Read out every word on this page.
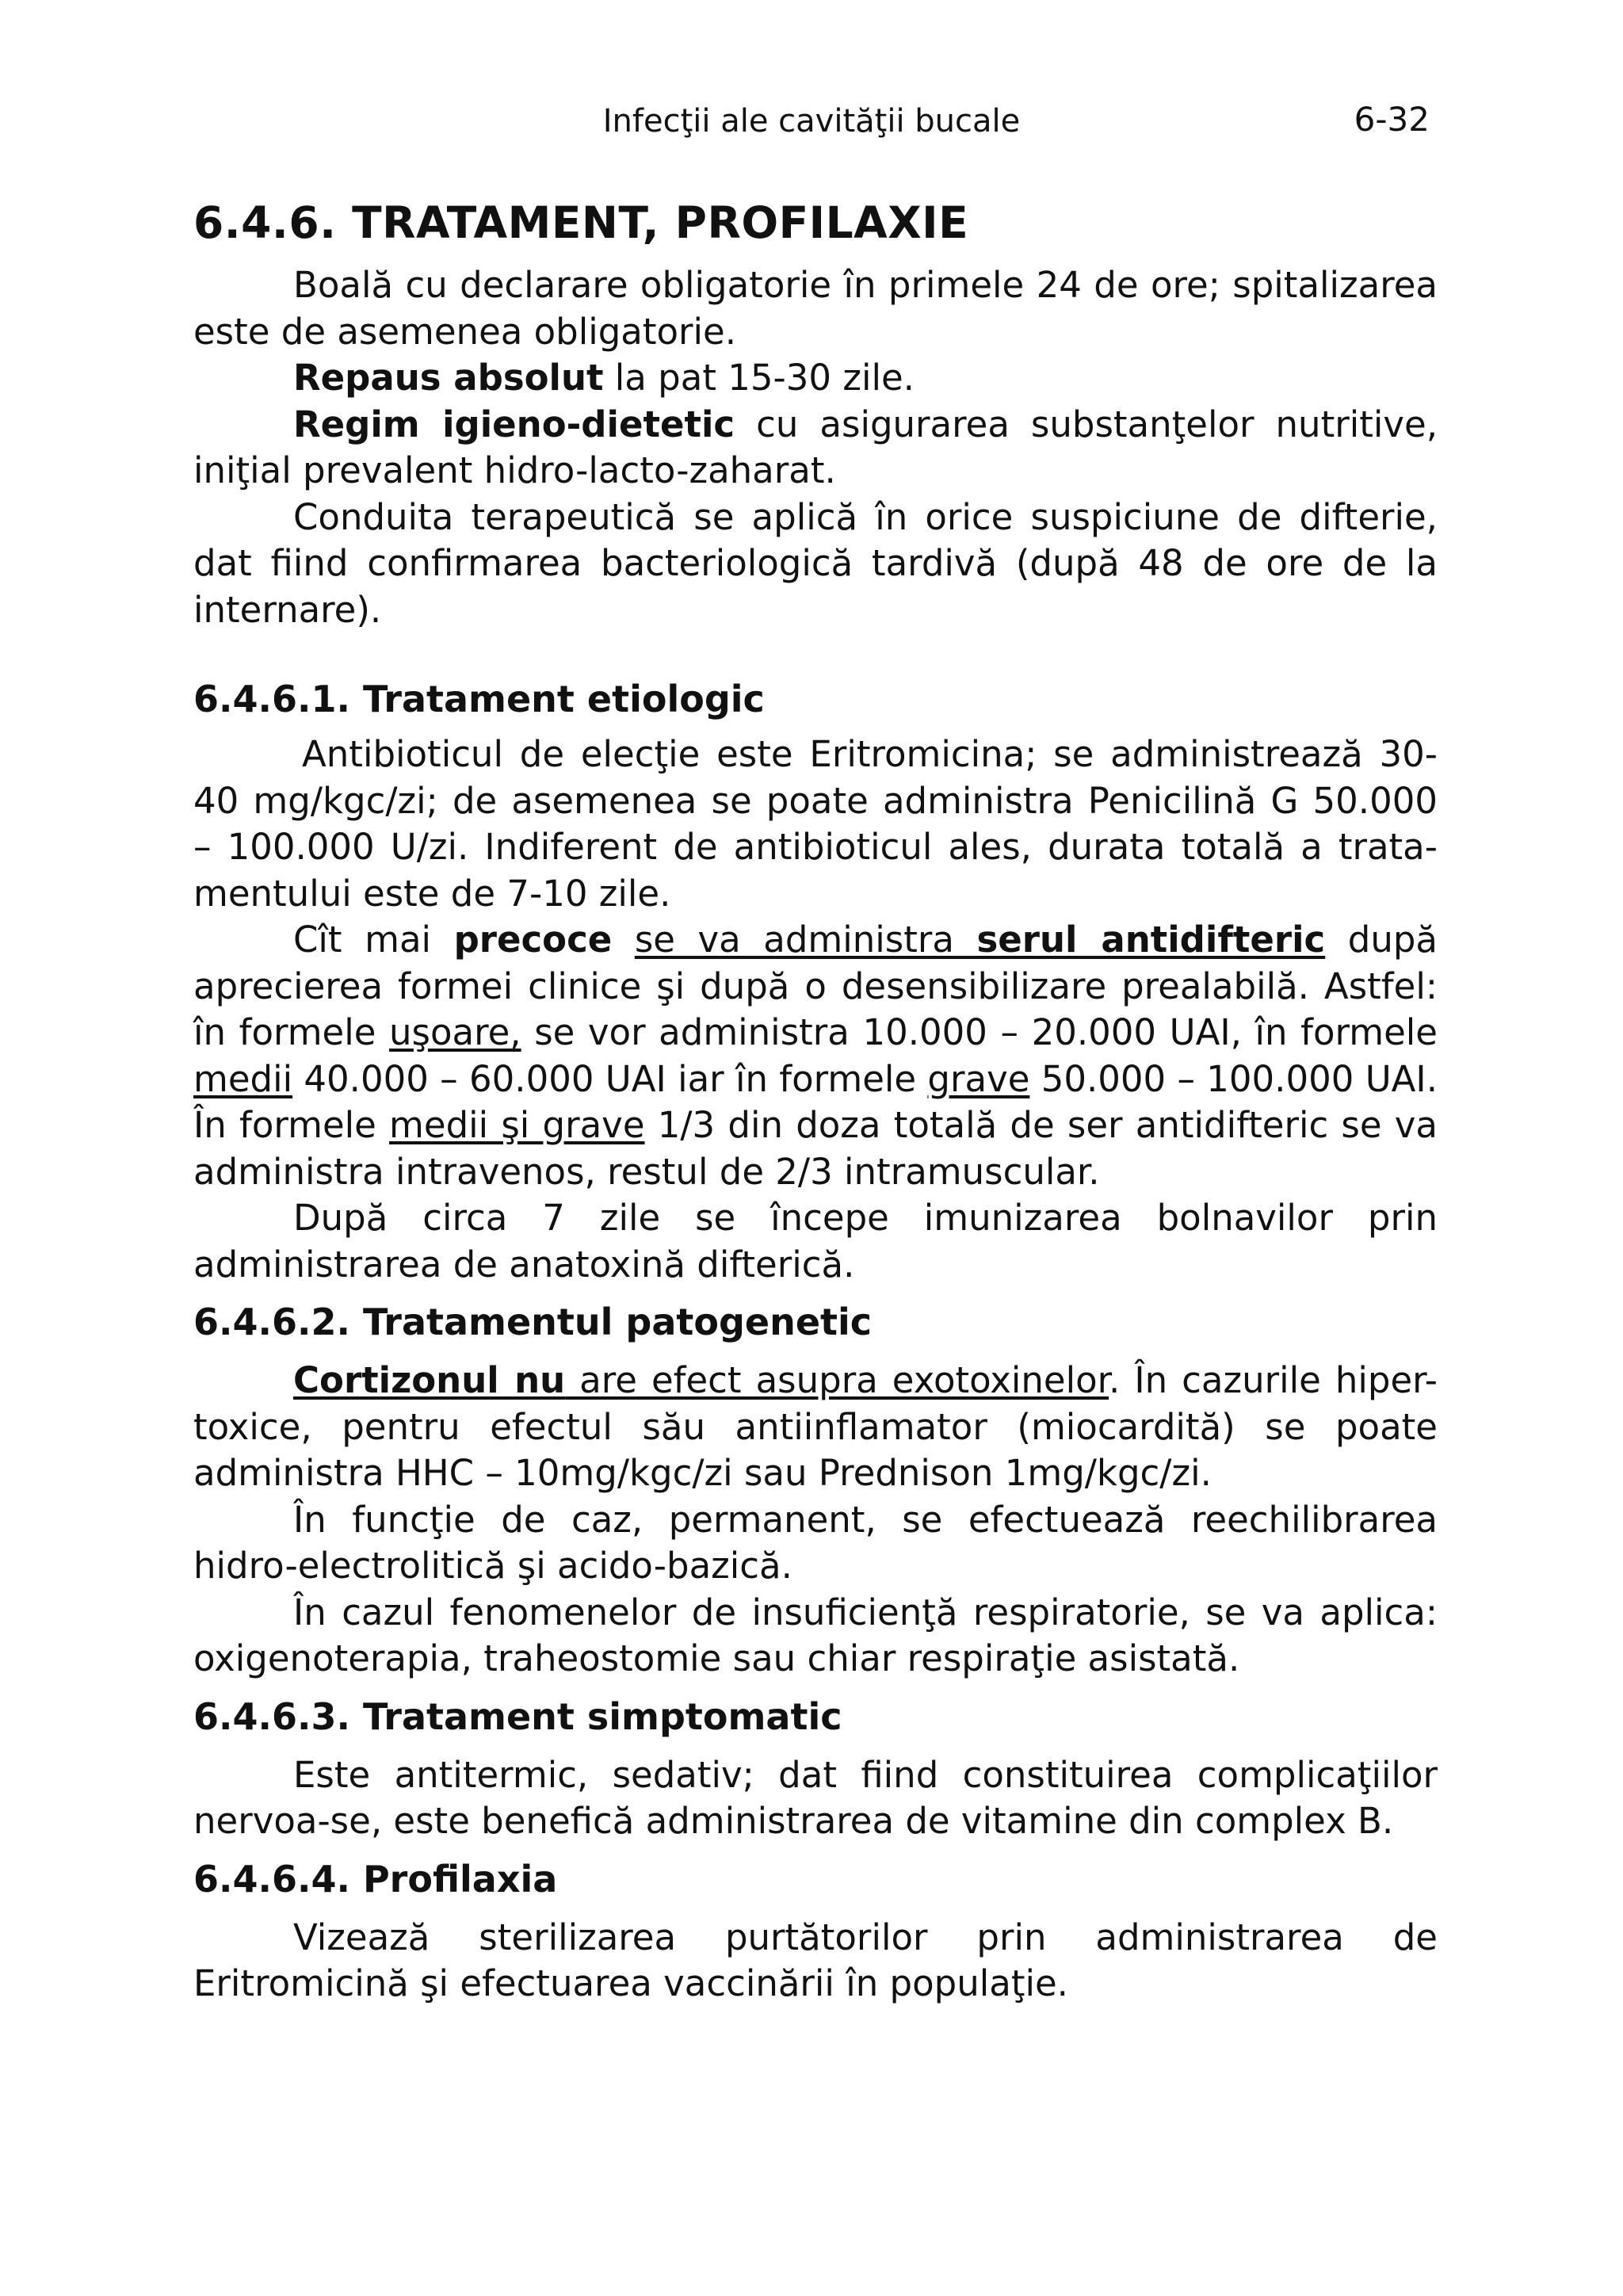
Infecţii ale cavităţii bucale	6-32

6.4.6. TRATAMENT, PROFILAXIE

Boală cu declarare obligatorie în primele 24 de ore; spitalizarea este de asemenea obligatorie.

Repaus absolut la pat 15-30 zile.

Regim igieno-dietetic cu asigurarea substanţelor nutritive, iniţial prevalent hidro-lacto-zaharat.

Conduita terapeutică se aplică în orice suspiciune de difterie, dat fiind confirmarea bacteriologică tardivă (după 48 de ore de la internare).

6.4.6.1. Tratament etiologic

Antibioticul de elecţie este Eritromicina; se administrează 30-40 mg/kgc/zi; de asemenea se poate administra Penicilină G 50.000 – 100.000 U/zi. Indiferent de antibioticul ales, durata totală a trata-mentului este de 7-10 zile.

Cît mai precoce se va administra serul antidifteric după aprecierea formei clinice şi după o desensibilizare prealabilă. Astfel: în formele uşoare, se vor administra 10.000 – 20.000 UAI, în formele medii 40.000 – 60.000 UAI iar în formele grave 50.000 – 100.000 UAI. În formele medii şi grave 1/3 din doza totală de ser antidifteric se va administra intravenos, restul de 2/3 intramuscular.

După circa 7 zile se începe imunizarea bolnavilor prin administrarea de anatoxină difterică.

6.4.6.2. Tratamentul patogenetic

Cortizonul nu are efect asupra exotoxinelor. În cazurile hiper-toxice, pentru efectul său antiinflamator (miocardită) se poate administra HHC – 10mg/kgc/zi sau Prednison 1mg/kgc/zi.

În funcţie de caz, permanent, se efectuează reechilibrarea hidro-electrolitică şi acido-bazică.

În cazul fenomenelor de insuficienţă respiratorie, se va aplica: oxigenoterapia, traheostomie sau chiar respiraţie asistată.

6.4.6.3. Tratament simptomatic

Este antitermic, sedativ; dat fiind constituirea complicaţiilor nervoa-se, este benefică administrarea de vitamine din complex B.

6.4.6.4. Profilaxia

Vizează sterilizarea purtătorilor prin administrarea de Eritromicină şi efectuarea vaccinării în populaţie.
